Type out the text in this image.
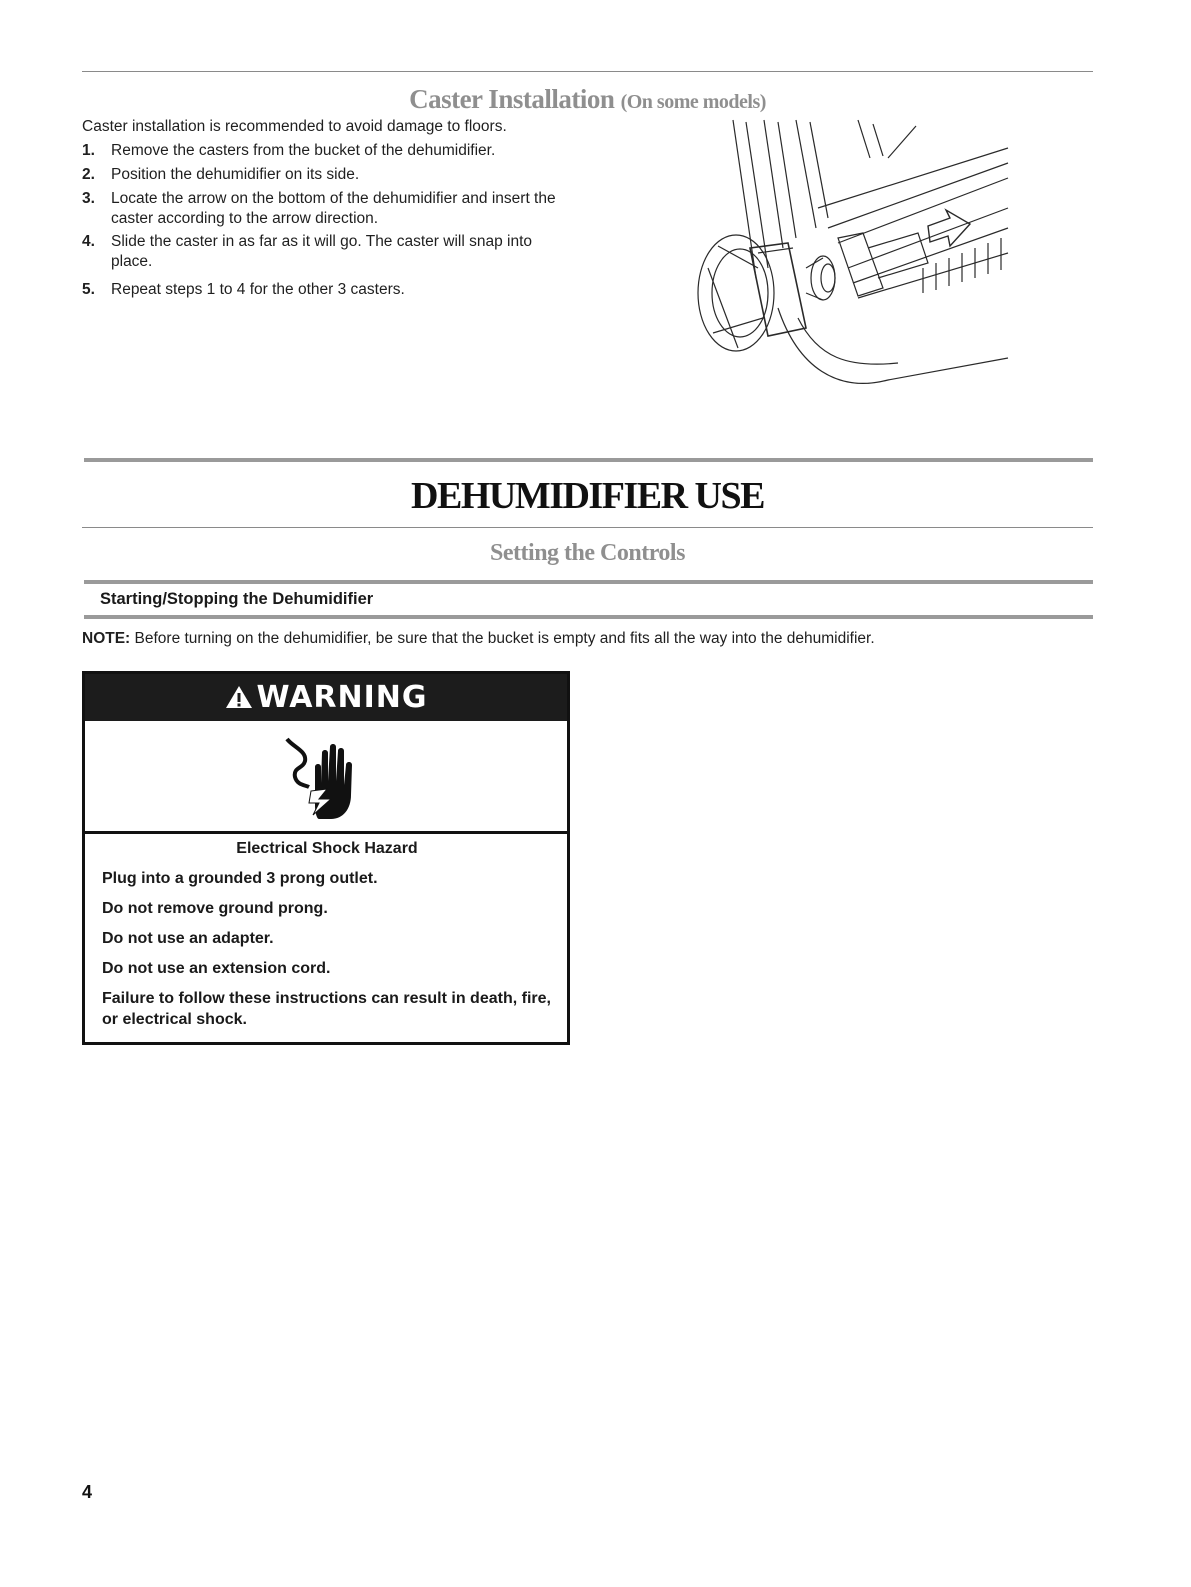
Caster Installation (On some models)
Caster installation is recommended to avoid damage to floors.
1. Remove the casters from the bucket of the dehumidifier.
2. Position the dehumidifier on its side.
3. Locate the arrow on the bottom of the dehumidifier and insert the caster according to the arrow direction.
4. Slide the caster in as far as it will go. The caster will snap into place.
5. Repeat steps 1 to 4 for the other 3 casters.
DEHUMIDIFIER USE
Setting the Controls
Starting/Stopping the Dehumidifier
NOTE: Before turning on the dehumidifier, be sure that the bucket is empty and fits all the way into the dehumidifier.
WARNING
Electrical Shock Hazard
Plug into a grounded 3 prong outlet.
Do not remove ground prong.
Do not use an adapter.
Do not use an extension cord.
Failure to follow these instructions can result in death, fire, or electrical shock.
4
